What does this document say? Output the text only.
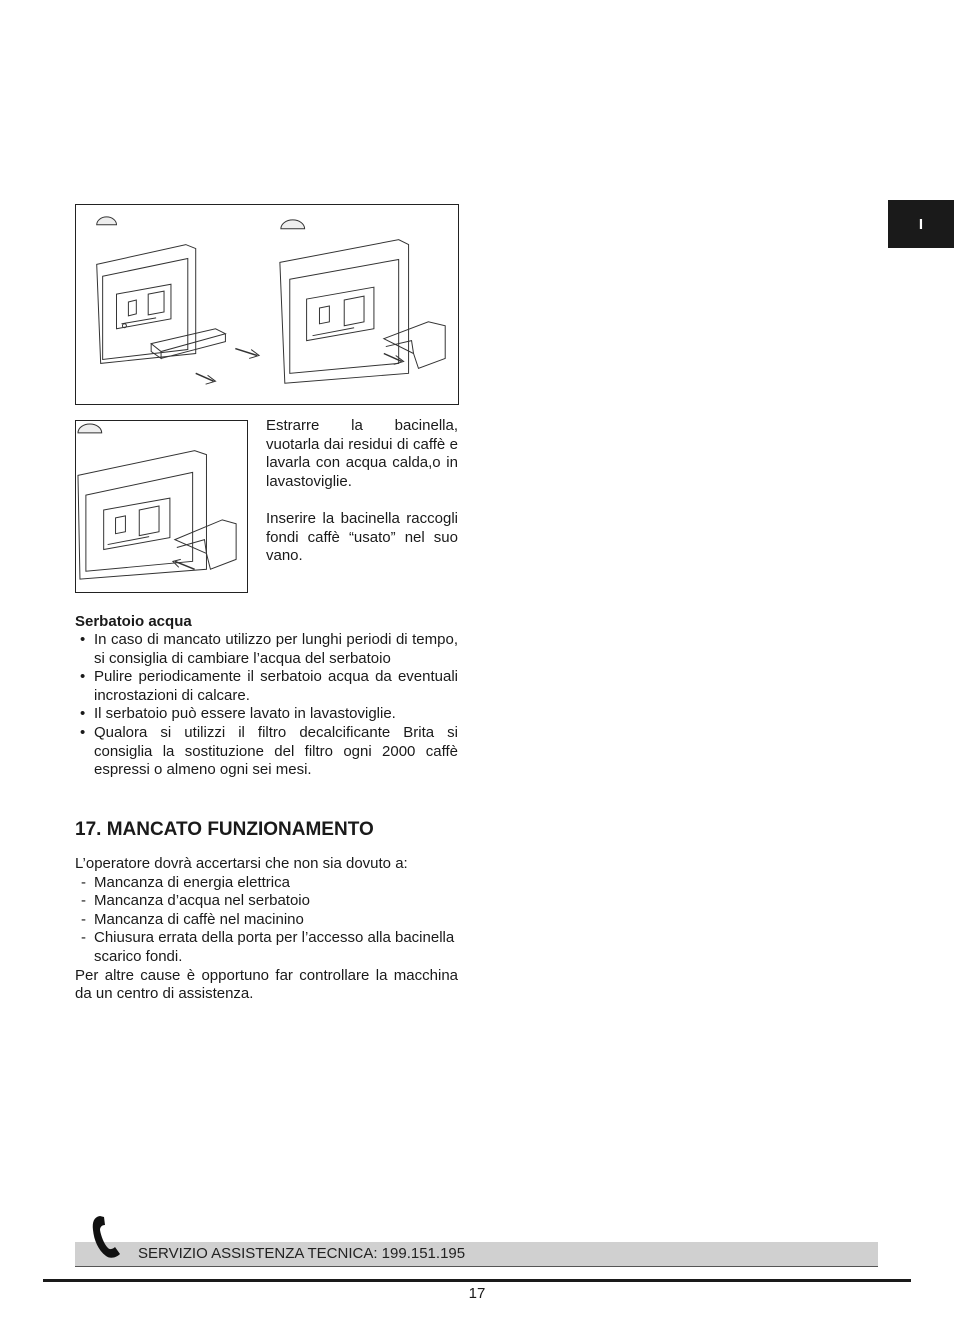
I

Estrarre la bacinella, vuotarla dai residui di caffè e lavarla con acqua calda,o in lavastoviglie.

Inserire la bacinella raccogli fondi caffè “usato” nel suo vano.

Serbatoio acqua
• In caso di mancato utilizzo per lunghi periodi di tempo, si consiglia di cambiare l’acqua del serbatoio
• Pulire periodicamente il serbatoio acqua da eventuali incrostazioni di calcare.
• Il serbatoio può essere lavato in lavastoviglie.
• Qualora si utilizzi il filtro decalcificante Brita si consiglia la sostituzione del filtro ogni 2000 caffè espressi o almeno ogni sei mesi.
17. MANCATO FUNZIONAMENTO

L’operatore dovrà accertarsi che non sia dovuto a:

- Mancanza di energia elettrica
- Mancanza d’acqua nel serbatoio
- Mancanza di caffè nel macinino
- Chiusura errata della porta per l’accesso alla bacinella scarico fondi.

Per altre cause è opportuno far controllare la macchina da un centro di assistenza.

SERVIZIO ASSISTENZA TECNICA: 199.151.195
17
